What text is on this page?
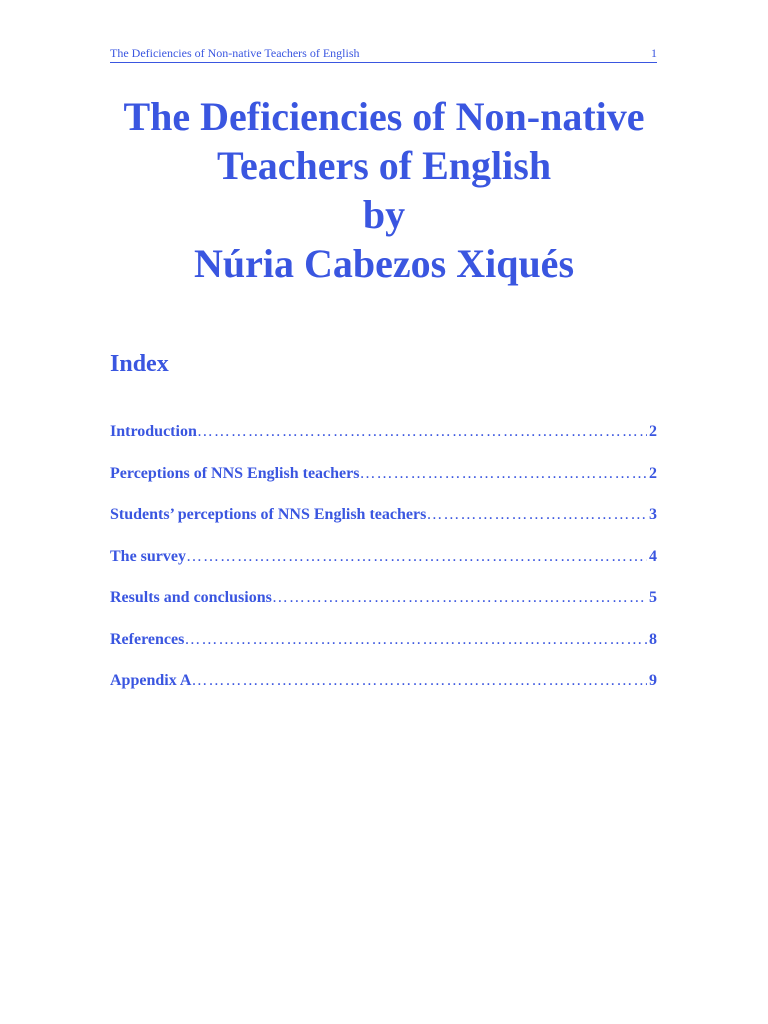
The Deficiencies of Non-native Teachers of English	1
The Deficiencies of Non-native
Teachers of English
by
Núria Cabezos Xiqués
Index
Introduction …………………………………………………………………………………………………………………………………………………………	2
Perceptions of NNS English teachers …………………………………………………………………………………………………………………………………………………………	2
Students’ perceptions of NNS English teachers …………………………………………………………………………………………………………………………………………………………	3
The survey …………………………………………………………………………………………………………………………………………………………	4
Results and conclusions …………………………………………………………………………………………………………………………………………………………	5
References …………………………………………………………………………………………………………………………………………………………	8
Appendix A …………………………………………………………………………………………………………………………………………………………	9
